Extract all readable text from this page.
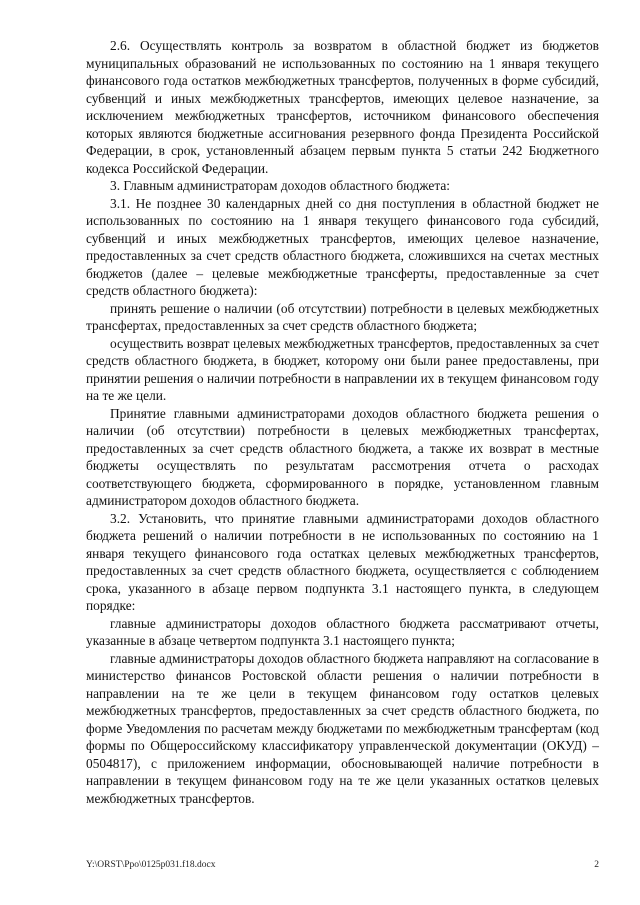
2.6. Осуществлять контроль за возвратом в областной бюджет из бюджетов муниципальных образований не использованных по состоянию на 1 января текущего финансового года остатков межбюджетных трансфертов, полученных в форме субсидий, субвенций и иных межбюджетных трансфертов, имеющих целевое назначение, за исключением межбюджетных трансфертов, источником финансового обеспечения которых являются бюджетные ассигнования резервного фонда Президента Российской Федерации, в срок, установленный абзацем первым пункта 5 статьи 242 Бюджетного кодекса Российской Федерации.

3. Главным администраторам доходов областного бюджета:

3.1. Не позднее 30 календарных дней со дня поступления в областной бюджет не использованных по состоянию на 1 января текущего финансового года субсидий, субвенций и иных межбюджетных трансфертов, имеющих целевое назначение, предоставленных за счет средств областного бюджета, сложившихся на счетах местных бюджетов (далее – целевые межбюджетные трансферты, предоставленные за счет средств областного бюджета):

принять решение о наличии (об отсутствии) потребности в целевых межбюджетных трансфертах, предоставленных за счет средств областного бюджета;

осуществить возврат целевых межбюджетных трансфертов, предоставленных за счет средств областного бюджета, в бюджет, которому они были ранее предоставлены, при принятии решения о наличии потребности в направлении их в текущем финансовом году на те же цели.

Принятие главными администраторами доходов областного бюджета решения о наличии (об отсутствии) потребности в целевых межбюджетных трансфертах, предоставленных за счет средств областного бюджета, а также их возврат в местные бюджеты осуществлять по результатам рассмотрения отчета о расходах соответствующего бюджета, сформированного в порядке, установленном главным администратором доходов областного бюджета.

3.2. Установить, что принятие главными администраторами доходов областного бюджета решений о наличии потребности в не использованных по состоянию на 1 января текущего финансового года остатках целевых межбюджетных трансфертов, предоставленных за счет средств областного бюджета, осуществляется с соблюдением срока, указанного в абзаце первом подпункта 3.1 настоящего пункта, в следующем порядке:

главные администраторы доходов областного бюджета рассматривают отчеты, указанные в абзаце четвертом подпункта 3.1 настоящего пункта;

главные администраторы доходов областного бюджета направляют на согласование в министерство финансов Ростовской области решения о наличии потребности в направлении на те же цели в текущем финансовом году остатков целевых межбюджетных трансфертов, предоставленных за счет средств областного бюджета, по форме Уведомления по расчетам между бюджетами по межбюджетным трансфертам (код формы по Общероссийскому классификатору управленческой документации (ОКУД) – 0504817), с приложением информации, обосновывающей наличие потребности в направлении в текущем финансовом году на те же цели указанных остатков целевых межбюджетных трансфертов.

Y:\ORST\Ppo\0125p031.f18.docx	2
